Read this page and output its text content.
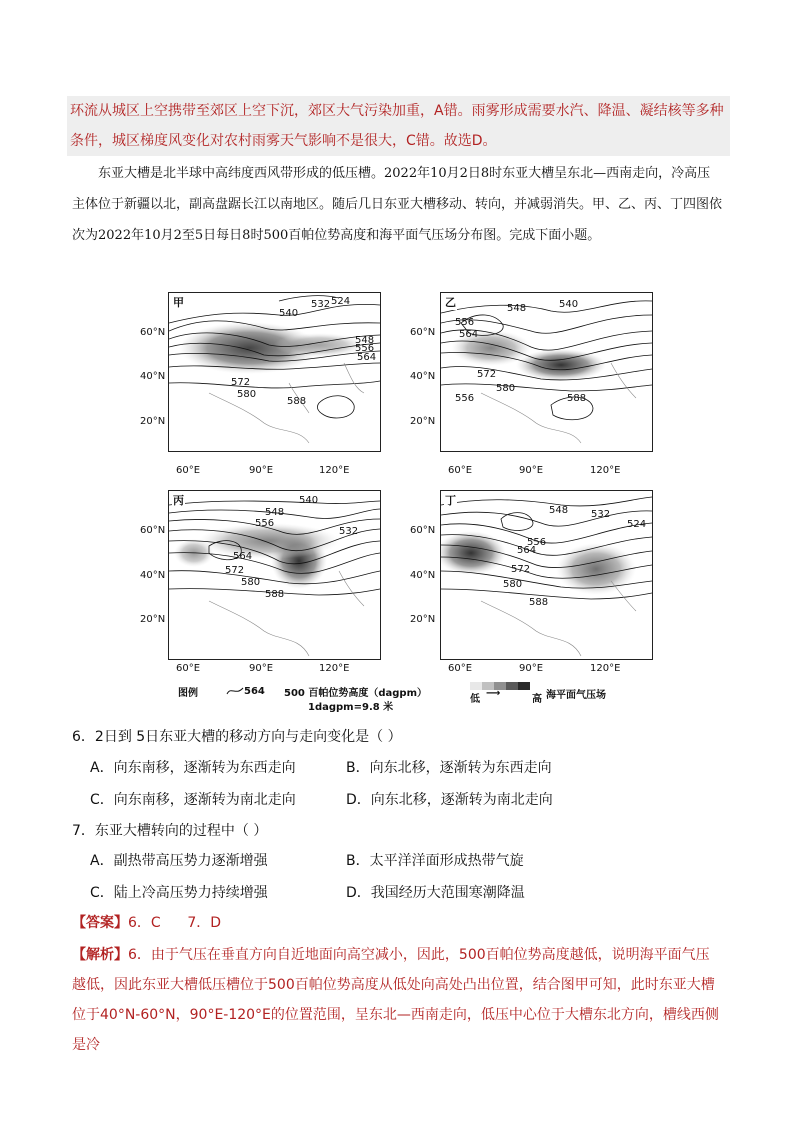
环流从城区上空携带至郊区上空下沉，郊区大气污染加重，A错。雨雾形成需要水汽、降温、凝结核等多种条件，城区梯度风变化对农村雨雾天气影响不是很大，C错。故选D。
东亚大槽是北半球中高纬度西风带形成的低压槽。2022年10月2日8时东亚大槽呈东北—西南走向，冷高压主体位于新疆以北，副高盘踞长江以南地区。随后几日东亚大槽移动、转向，并减弱消失。甲、乙、丙、丁四图依次为2022年10月2至5日每日8时500百帕位势高度和海平面气压场分布图。完成下面小题。
甲	532 524
540
548
556
564
572
580
588
乙	548	540
556
564
572
580
556	588
丙	540
548
556
532
564
572
580
588
丁
548 532
524
556
564
572
580
588
60°N
40°N
20°N
60°N
40°N
20°N
60°N
40°N
20°N
60°N
40°N
20°N
60°E	90°E	120°E	60°E	90°E	120°E
60°E	90°E	120°E	60°E	90°E	120°E
图例	564 500 百帕位势高度（dagpm）
1dagpm=9.8 米
低
⟶
高 海平面气压场
6．2日到 5日东亚大槽的移动方向与走向变化是（ ）
A．向东南移，逐渐转为东西走向	B．向东北移，逐渐转为东西走向
C．向东南移，逐渐转为南北走向	D．向东北移，逐渐转为南北走向
7．东亚大槽转向的过程中（ ）
A．副热带高压势力逐渐增强	B．太平洋洋面形成热带气旋
C．陆上冷高压势力持续增强	D．我国经历大范围寒潮降温
【答案】6．C      7．D
【解析】6．由于气压在垂直方向自近地面向高空减小，因此，500百帕位势高度越低，说明海平面气压越低，因此东亚大槽低压槽位于500百帕位势高度从低处向高处凸出位置，结合图甲可知，此时东亚大槽位于40°N-60°N，90°E-120°E的位置范围，呈东北—西南走向，低压中心位于大槽东北方向，槽线西侧是冷
